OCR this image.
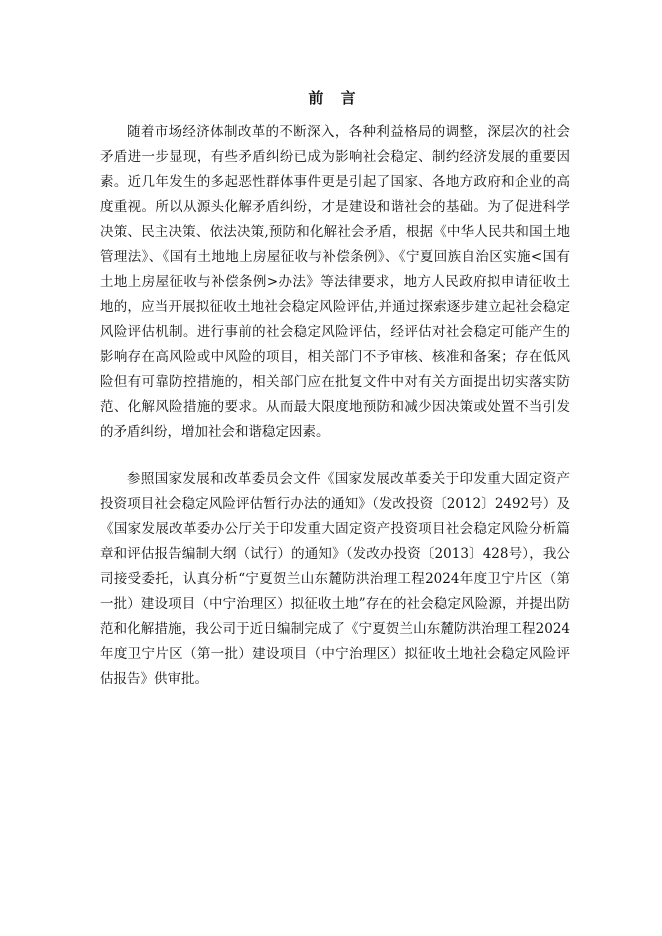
前 言

随着市场经济体制改革的不断深入，各种利益格局的调整，深层次的社会矛盾进一步显现，有些矛盾纠纷已成为影响社会稳定、制约经济发展的重要因素。近几年发生的多起恶性群体事件更是引起了国家、各地方政府和企业的高度重视。所以从源头化解矛盾纠纷，才是建设和谐社会的基础。为了促进科学决策、民主决策、依法决策,预防和化解社会矛盾，根据《中华人民共和国土地管理法》、《国有土地地上房屋征收与补偿条例》、《宁夏回族自治区实施<国有土地上房屋征收与补偿条例>办法》等法律要求，地方人民政府拟申请征收土地的，应当开展拟征收土地社会稳定风险评估,并通过探索逐步建立起社会稳定风险评估机制。进行事前的社会稳定风险评估，经评估对社会稳定可能产生的影响存在高风险或中风险的项目，相关部门不予审核、核准和备案；存在低风险但有可靠防控措施的，相关部门应在批复文件中对有关方面提出切实落实防范、化解风险措施的要求。从而最大限度地预防和减少因决策或处置不当引发的矛盾纠纷，增加社会和谐稳定因素。

参照国家发展和改革委员会文件《国家发展改革委关于印发重大固定资产投资项目社会稳定风险评估暂行办法的通知》（发改投资〔2012〕2492号）及《国家发展改革委办公厅关于印发重大固定资产投资项目社会稳定风险分析篇章和评估报告编制大纲（试行）的通知》（发改办投资〔2013〕428号），我公司接受委托，认真分析“宁夏贺兰山东麓防洪治理工程2024年度卫宁片区（第一批）建设项目（中宁治理区）拟征收土地”存在的社会稳定风险源，并提出防范和化解措施，我公司于近日编制完成了《宁夏贺兰山东麓防洪治理工程2024年度卫宁片区（第一批）建设项目（中宁治理区）拟征收土地社会稳定风险评估报告》供审批。
